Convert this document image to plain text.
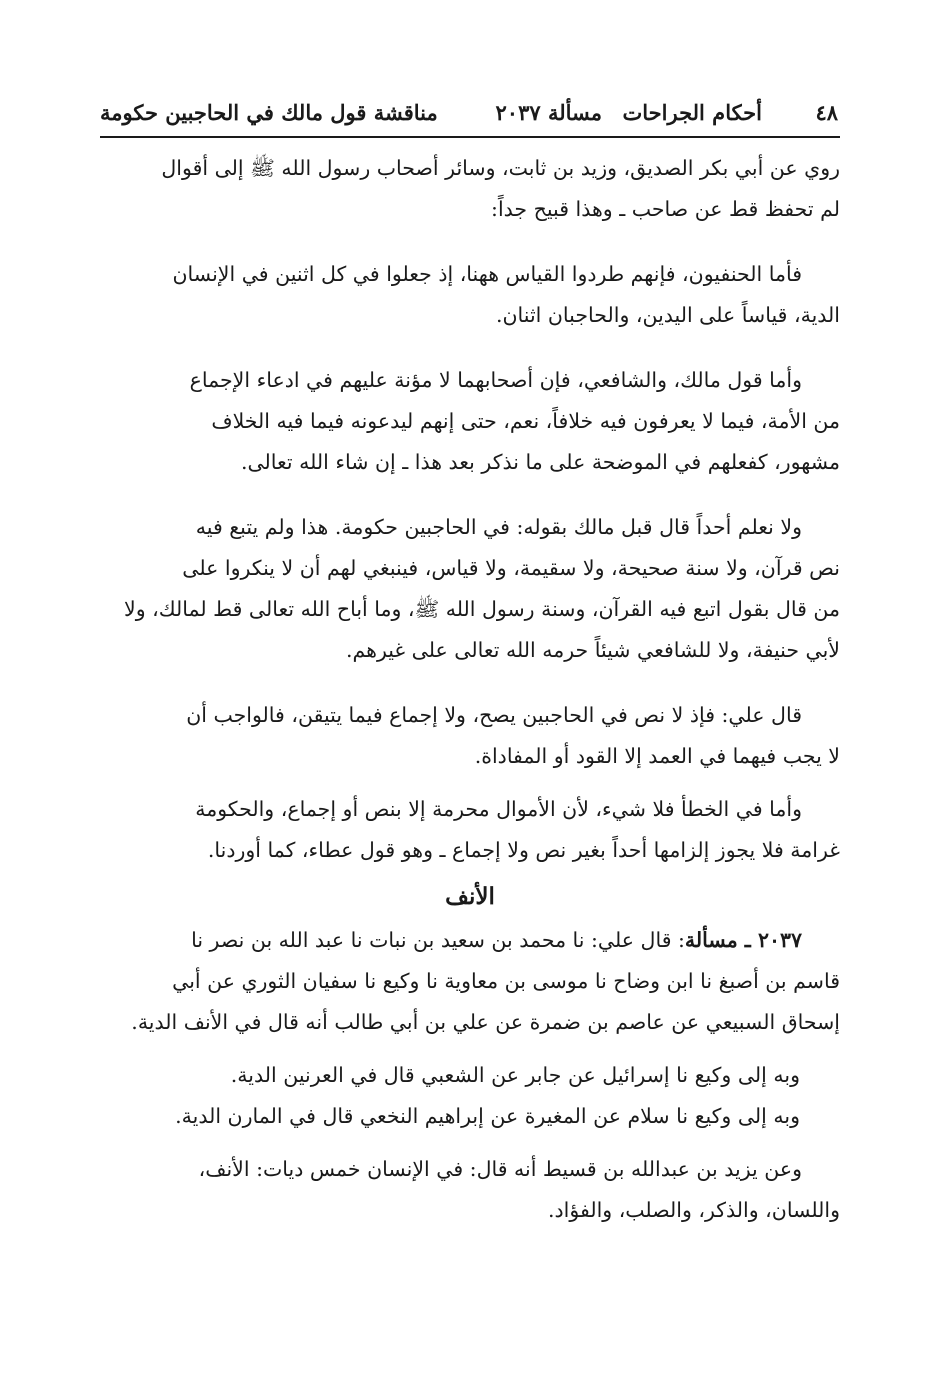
٤٨
أحكام الجراحات
مسألة ٢٠٣٧
مناقشة قول مالك في الحاجبين حكومة

روي عن أبي بكر الصديق، وزيد بن ثابت، وسائر أصحاب رسول الله ﷺ إلى أقوال
لم تحفظ قط عن صاحب ـ وهذا قبيح جداً:

فأما الحنفيون، فإنهم طردوا القياس ههنا، إذ جعلوا في كل اثنين في الإنسان
الدية، قياساً على اليدين، والحاجبان اثنان.

وأما قول مالك، والشافعي، فإن أصحابهما لا مؤنة عليهم في ادعاء الإجماع
من الأمة، فيما لا يعرفون فيه خلافاً، نعم، حتى إنهم ليدعونه فيما فيه الخلاف
مشهور، كفعلهم في الموضحة على ما نذكر بعد هذا ـ إن شاء الله تعالى.

ولا نعلم أحداً قال قبل مالك بقوله: في الحاجبين حكومة. هذا ولم يتبع فيه
نص قرآن، ولا سنة صحيحة، ولا سقيمة، ولا قياس، فينبغي لهم أن لا ينكروا على
من قال بقول اتبع فيه القرآن، وسنة رسول الله ﷺ، وما أباح الله تعالى قط لمالك، ولا
لأبي حنيفة، ولا للشافعي شيئاً حرمه الله تعالى على غيرهم.

قال علي: فإذ لا نص في الحاجبين يصح، ولا إجماع فيما يتيقن، فالواجب أن
لا يجب فيهما في العمد إلا القود أو المفاداة.

وأما في الخطأ فلا شيء، لأن الأموال محرمة إلا بنص أو إجماع، والحكومة
غرامة فلا يجوز إلزامها أحداً بغير نص ولا إجماع ـ وهو قول عطاء، كما أوردنا.

الأنف

٢٠٣٧ ـ مسألة: قال علي: نا محمد بن سعيد بن نبات نا عبد الله بن نصر نا
قاسم بن أصبغ نا ابن وضاح نا موسى بن معاوية نا وكيع نا سفيان الثوري عن أبي
إسحاق السبيعي عن عاصم بن ضمرة عن علي بن أبي طالب أنه قال في الأنف الدية.

وبه إلى وكيع نا إسرائيل عن جابر عن الشعبي قال في العرنين الدية.
وبه إلى وكيع نا سلام عن المغيرة عن إبراهيم النخعي قال في المارن الدية.

وعن يزيد بن عبدالله بن قسيط أنه قال: في الإنسان خمس ديات: الأنف،
واللسان، والذكر، والصلب، والفؤاد.
